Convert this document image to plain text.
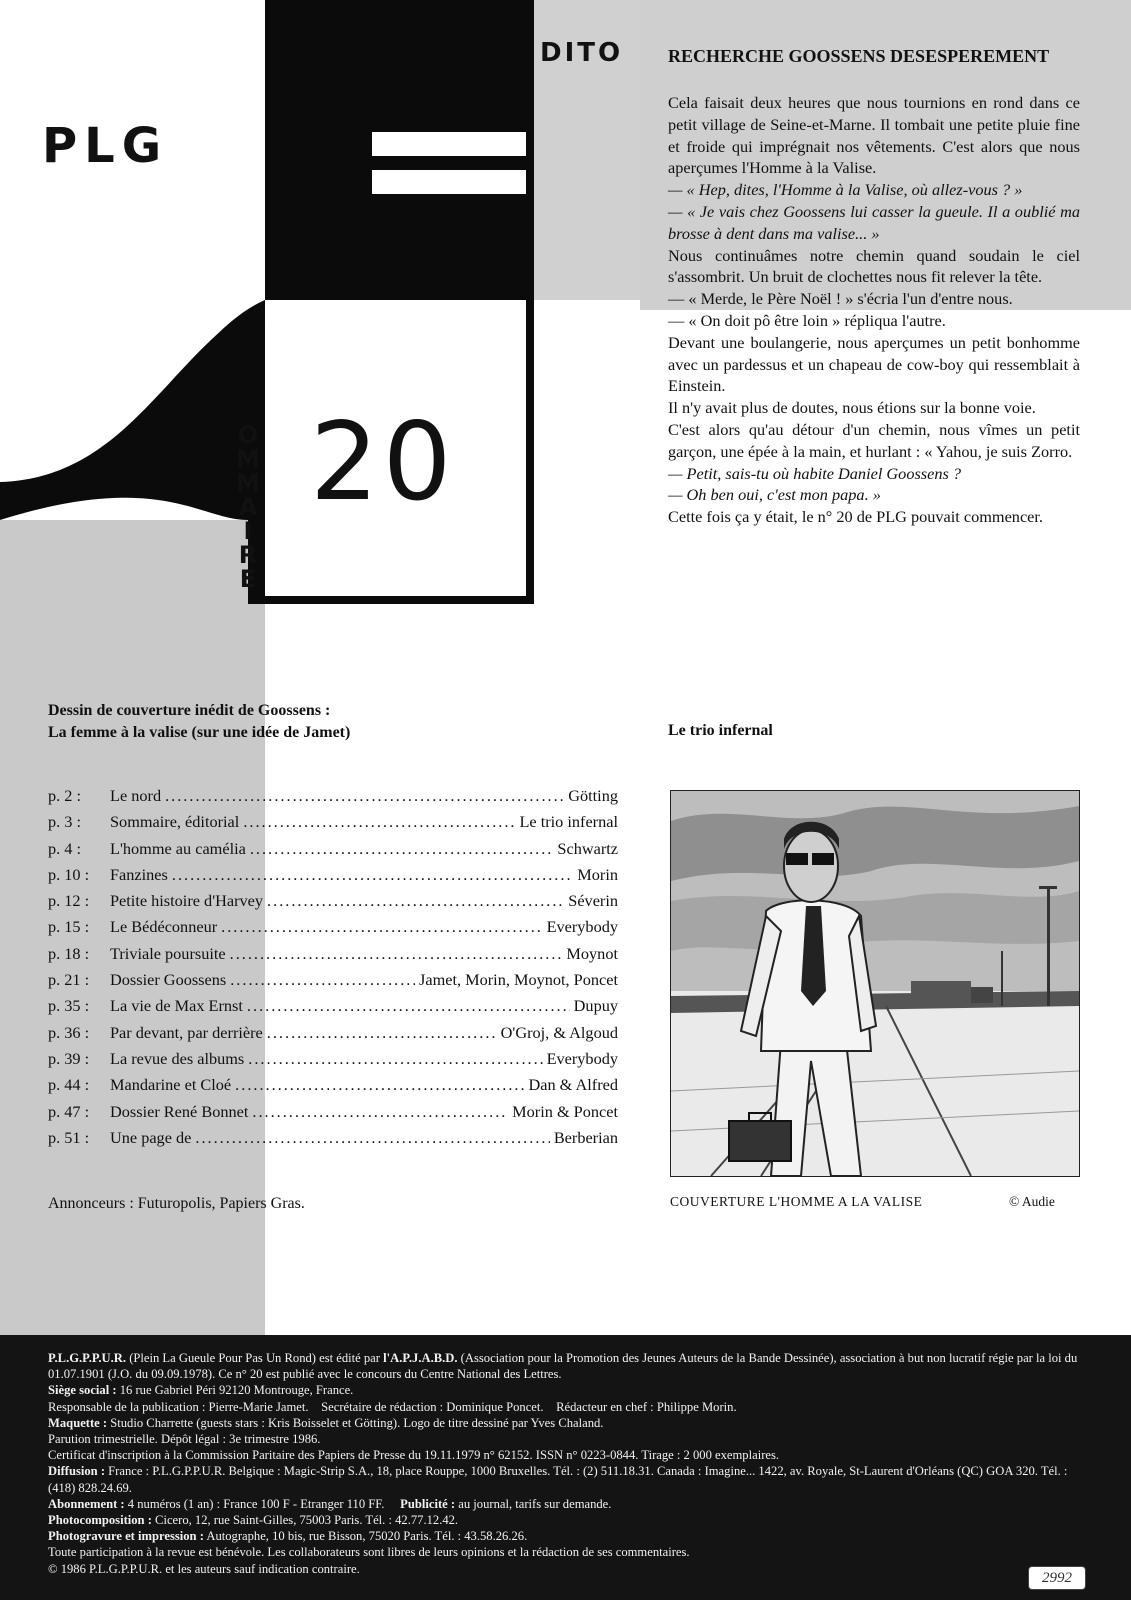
PLG
O
M
M
A
I
R
E
20
DITO RECHERCHE GOOSSENS DESESPEREMENT

Cela faisait deux heures que nous tournions en rond dans ce petit village de Seine-et-Marne. Il tombait une petite pluie fine et froide qui imprégnait nos vêtements. C'est alors que nous aperçumes l'Homme à la Valise.

— « Hep, dites, l'Homme à la Valise, où allez-vous ? »

— « Je vais chez Goossens lui casser la gueule. Il a oublié ma brosse à dent dans ma valise... »

Nous continuâmes notre chemin quand soudain le ciel s'assombrit. Un bruit de clochettes nous fit relever la tête.

— « Merde, le Père Noël ! » s'écria l'un d'entre nous.

— « On doit pô être loin » répliqua l'autre.

Devant une boulangerie, nous aperçumes un petit bonhomme avec un pardessus et un chapeau de cow-boy qui ressemblait à Einstein.

Il n'y avait plus de doutes, nous étions sur la bonne voie.

C'est alors qu'au détour d'un chemin, nous vîmes un petit garçon, une épée à la main, et hurlant : « Yahou, je suis Zorro.

— Petit, sais-tu où habite Daniel Goossens ?

— Oh ben oui, c'est mon papa. »

Cette fois ça y était, le n° 20 de PLG pouvait commencer.

Le trio infernal
Dessin de couverture inédit de Goossens :
La femme à la valise (sur une idée de Jamet)
p. 2 :	Le nord .....	Götting
p. 3 :	Sommaire, éditorial .....	Le trio infernal
p. 4 :	L'homme au camélia .....	Schwartz
p. 10 :	Fanzines .....	Morin
p. 12 :	Petite histoire d'Harvey .....	Séverin
p. 15 :	Le Bédéconneur .....	Everybody
p. 18 :	Triviale poursuite .....	Moynot
p. 21 :	Dossier Goossens .....	Jamet, Morin, Moynot, Poncet
p. 35 :	La vie de Max Ernst .....	Dupuy
p. 36 :	Par devant, par derrière .....	O'Groj, & Algoud
p. 39 :	La revue des albums .....	Everybody
p. 44 :	Mandarine et Cloé .....	Dan & Alfred
p. 47 :	Dossier René Bonnet .....	Morin & Poncet
p. 51 :	Une page de .....	Berberian
Annonceurs : Futuropolis, Papiers Gras.	COUVERTURE L'HOMME A LA VALISE	© Audie

P.L.G.P.P.U.R. (Plein La Gueule Pour Pas Un Rond) est édité par l'A.P.J.A.B.D. (Association pour la Promotion des Jeunes Auteurs de la Bande Dessinée), association à but non lucratif régie par la loi du 01.07.1901 (J.O. du 09.09.1978). Ce n° 20 est publié avec le concours du Centre National des Lettres.

Siège social : 16 rue Gabriel Péri 92120 Montrouge, France.

Responsable de la publication : Pierre-Marie Jamet.    Secrétaire de rédaction : Dominique Poncet.    Rédacteur en chef : Philippe Morin.

Maquette : Studio Charrette (guests stars : Kris Boisselet et Götting). Logo de titre dessiné par Yves Chaland.

Parution trimestrielle. Dépôt légal : 3e trimestre 1986.

Certificat d'inscription à la Commission Paritaire des Papiers de Presse du 19.11.1979 n° 62152. ISSN n° 0223-0844. Tirage : 2 000 exemplaires.

Diffusion : France : P.L.G.P.P.U.R. Belgique : Magic-Strip S.A., 18, place Rouppe, 1000 Bruxelles. Tél. : (2) 511.18.31. Canada : Imagine... 1422, av. Royale, St-Laurent d'Orléans (QC) GOA 320. Tél. : (418) 828.24.69.

Abonnement : 4 numéros (1 an) : France 100 F - Etranger 110 FF. Publicité : au journal, tarifs sur demande.

Photocomposition : Cicero, 12, rue Saint-Gilles, 75003 Paris. Tél. : 42.77.12.42.

Photogravure et impression : Autographe, 10 bis, rue Bisson, 75020 Paris. Tél. : 43.58.26.26.

Toute participation à la revue est bénévole. Les collaborateurs sont libres de leurs opinions et la rédaction de ses commentaires.

© 1986 P.L.G.P.P.U.R. et les auteurs sauf indication contraire.

2992
